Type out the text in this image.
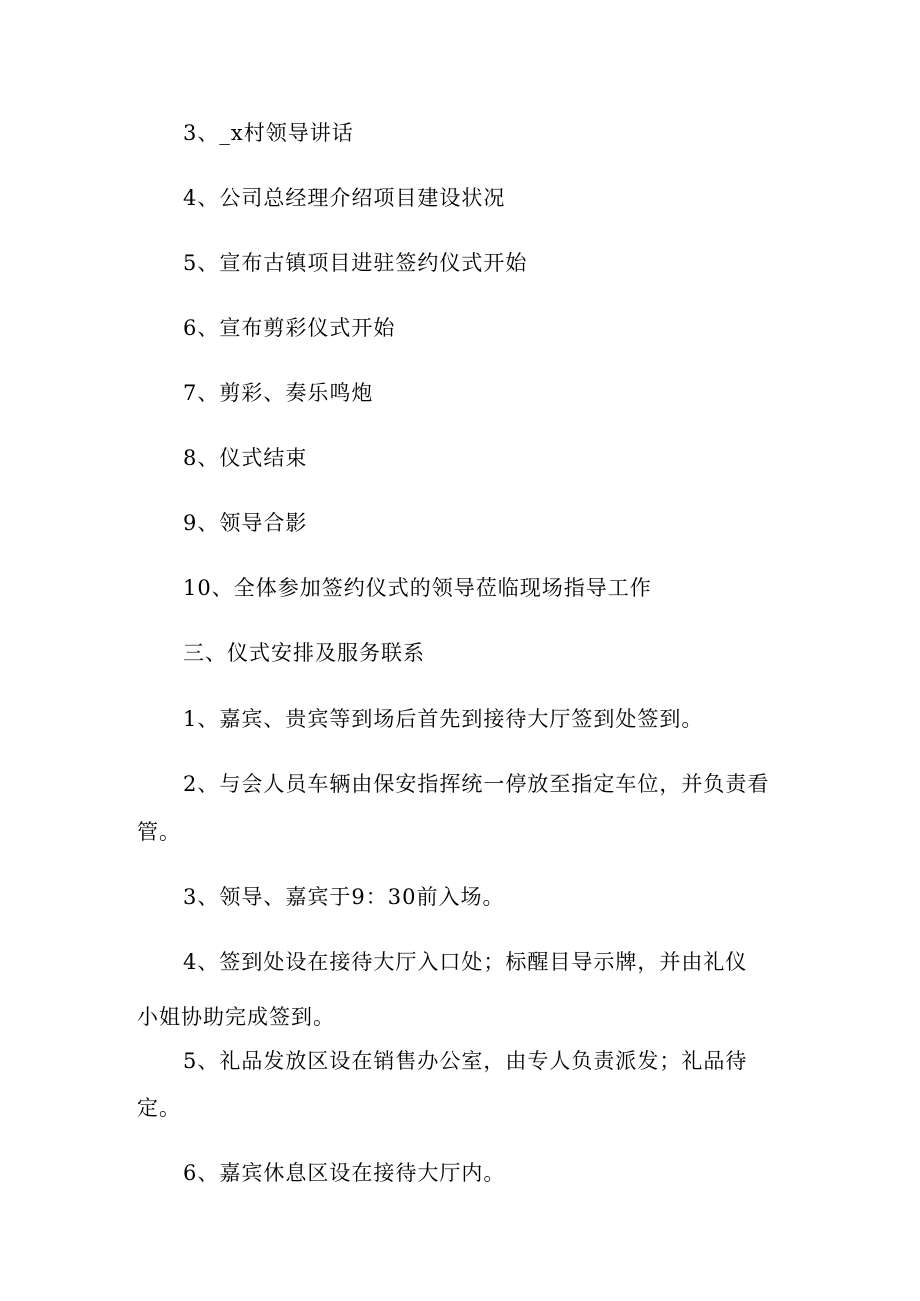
3、_x村领导讲话
4、公司总经理介绍项目建设状况
5、宣布古镇项目进驻签约仪式开始
6、宣布剪彩仪式开始
7、剪彩、奏乐鸣炮
8、仪式结束
9、领导合影
10、全体参加签约仪式的领导莅临现场指导工作
三、仪式安排及服务联系
1、嘉宾、贵宾等到场后首先到接待大厅签到处签到。
2、与会人员车辆由保安指挥统一停放至指定车位，并负责看
管。
3、领导、嘉宾于9：30前入场。
4、签到处设在接待大厅入口处；标醒目导示牌，并由礼仪
小姐协助完成签到。
5、礼品发放区设在销售办公室，由专人负责派发；礼品待
定。
6、嘉宾休息区设在接待大厅内。
